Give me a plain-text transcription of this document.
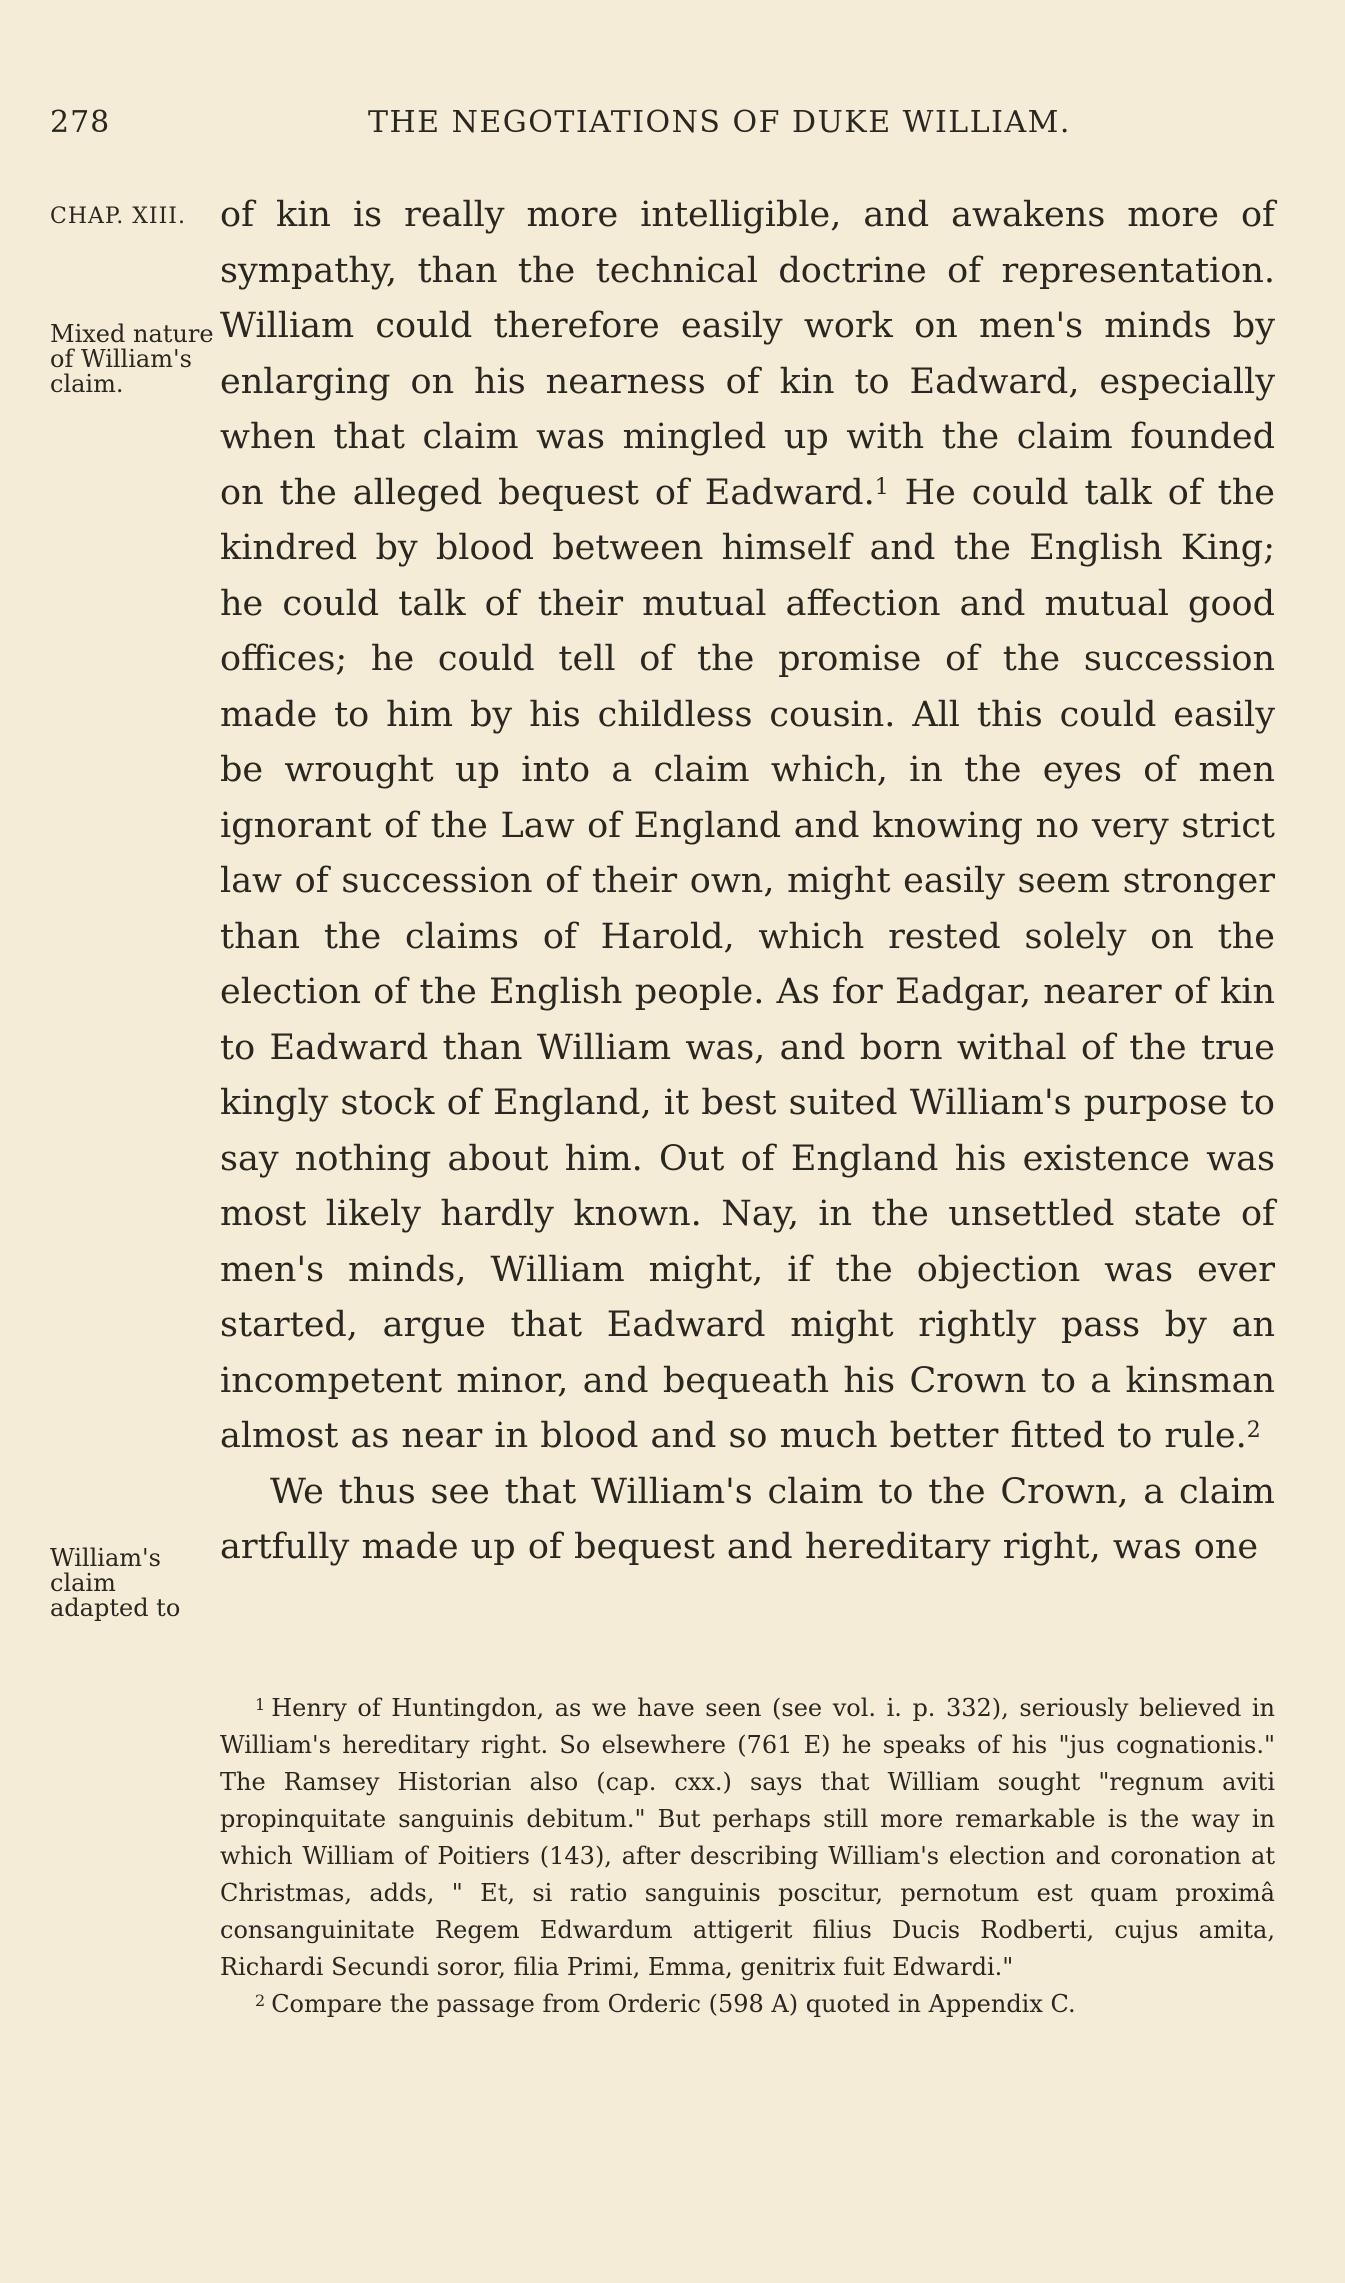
278	THE NEGOTIATIONS OF DUKE WILLIAM.
CHAP. XIII.
Mixed nature of William's claim.
William's claim adapted to

of kin is really more intelligible, and awakens more of sympathy, than the technical doctrine of representation. William could therefore easily work on men's minds by enlarging on his nearness of kin to Eadward, especially when that claim was mingled up with the claim founded on the alleged bequest of Eadward.$^1$ He could talk of the kindred by blood between himself and the English King; he could talk of their mutual affection and mutual good offices; he could tell of the promise of the succession made to him by his childless cousin. All this could easily be wrought up into a claim which, in the eyes of men ignorant of the Law of England and knowing no very strict law of succession of their own, might easily seem stronger than the claims of Harold, which rested solely on the election of the English people. As for Eadgar, nearer of kin to Eadward than William was, and born withal of the true kingly stock of England, it best suited William's purpose to say nothing about him. Out of England his existence was most likely hardly known. Nay, in the unsettled state of men's minds, William might, if the objection was ever started, argue that Eadward might rightly pass by an incompetent minor, and bequeath his Crown to a kinsman almost as near in blood and so much better fitted to rule.$^2$

We thus see that William's claim to the Crown, a claim artfully made up of bequest and hereditary right, was one

$^1$ Henry of Huntingdon, as we have seen (see vol. i. p. 332), seriously believed in William's hereditary right. So elsewhere (761 E) he speaks of his "jus cognationis." The Ramsey Historian also (cap. cxx.) says that William sought "regnum aviti propinquitate sanguinis debitum." But perhaps still more remarkable is the way in which William of Poitiers (143), after describing William's election and coronation at Christmas, adds, " Et, si ratio sanguinis poscitur, pernotum est quam proximâ consanguinitate Regem Edwardum attigerit filius Ducis Rodberti, cujus amita, Richardi Secundi soror, filia Primi, Emma, genitrix fuit Edwardi."

$^2$ Compare the passage from Orderic (598 A) quoted in Appendix C.
